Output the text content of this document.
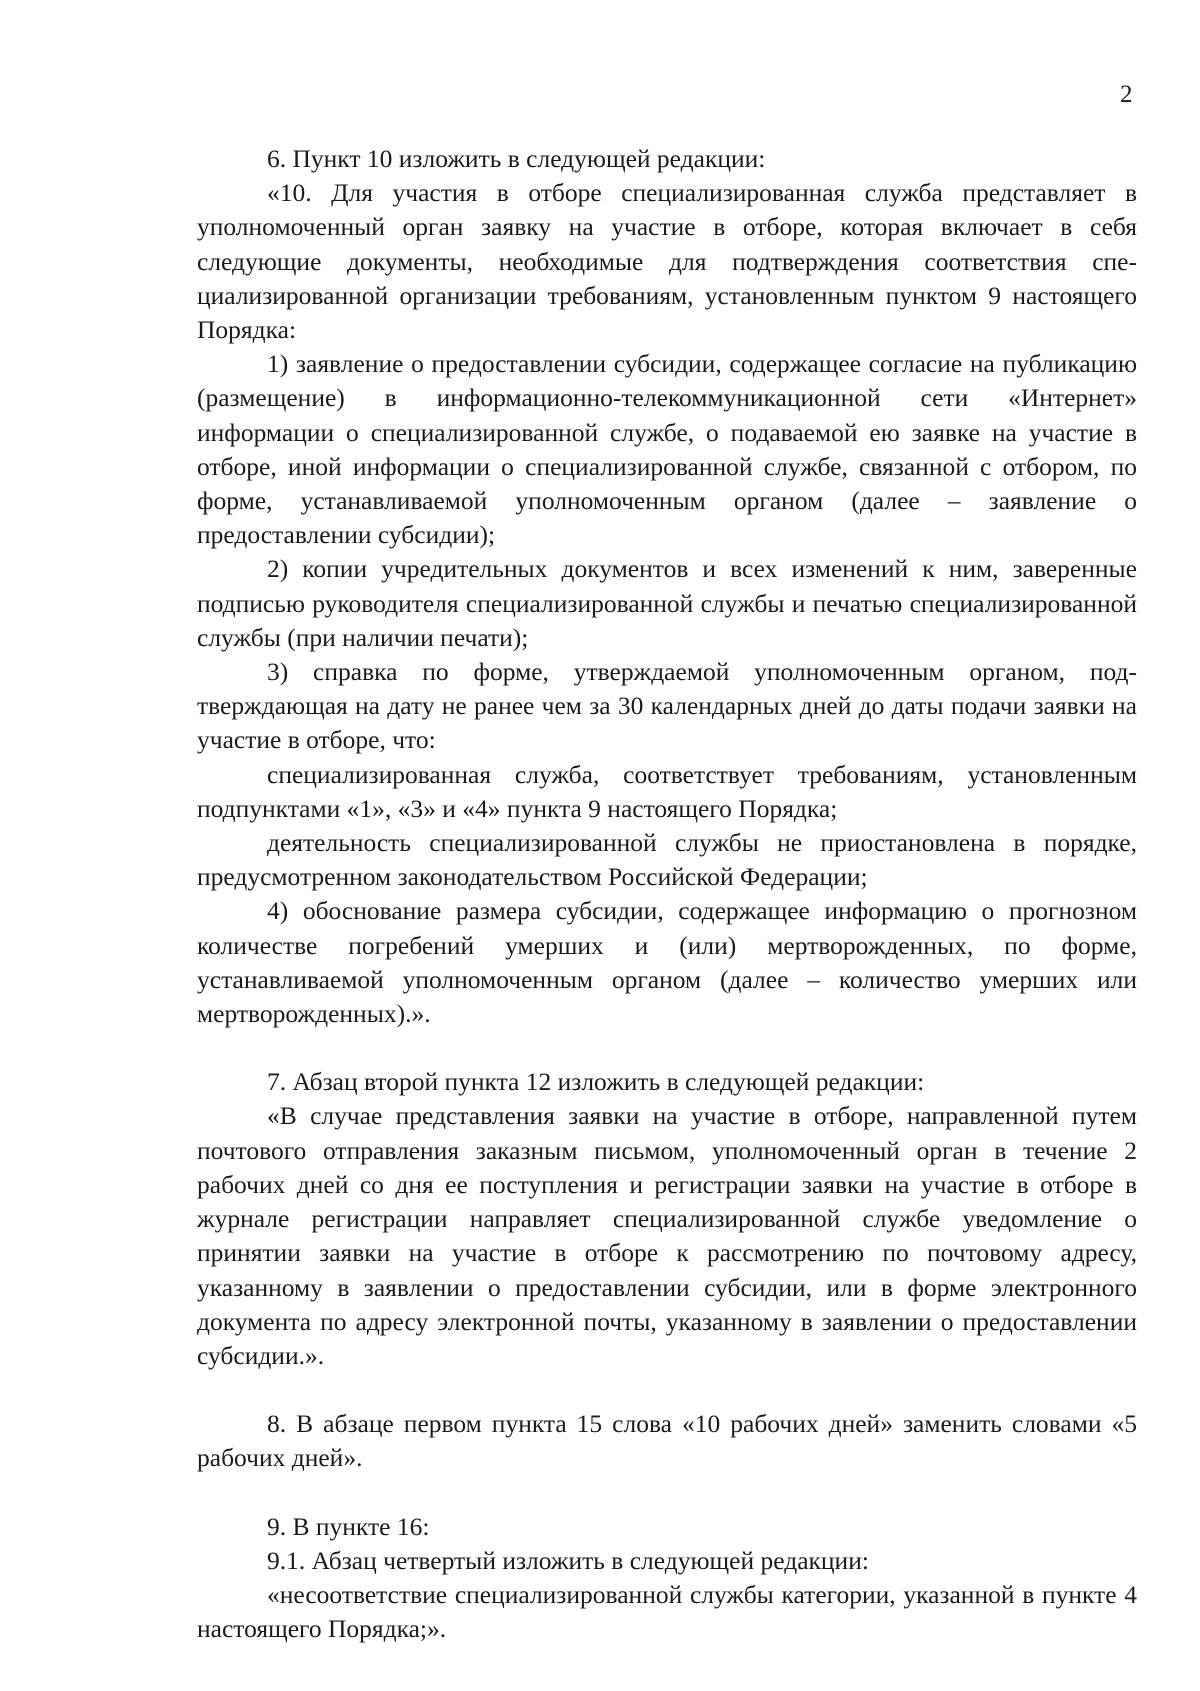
2

6. Пункт 10 изложить в следующей редакции:

«10. Для участия в отборе специализированная служба представляет в уполномоченный орган заявку на участие в отборе, которая включает в себя следующие документы, необходимые для подтверждения соответствия специализированной организации требованиям, установленным пунктом 9 настоящего Порядка:

1) заявление о предоставлении субсидии, содержащее согласие на публикацию (размещение) в информационно-телекоммуникационной сети «Интернет» информации о специализированной службе, о подаваемой ею заявке на участие в отборе, иной информации о специализированной службе, связанной с отбором, по форме, устанавливаемой уполномоченным органом (далее – заявление о предоставлении субсидии);

2) копии учредительных документов и всех изменений к ним, заверенные подписью руководителя специализированной службы и печатью специализированной службы (при наличии печати);

3) справка по форме, утверждаемой уполномоченным органом, подтверждающая на дату не ранее чем за 30 календарных дней до даты подачи заявки на участие в отборе, что:

специализированная служба, соответствует требованиям, установленным подпунктами «1», «3» и «4» пункта 9 настоящего Порядка;

деятельность специализированной службы не приостановлена в порядке, предусмотренном законодательством Российской Федерации;

4) обоснование размера субсидии, содержащее информацию о прогнозном количестве погребений умерших и (или) мертворожденных, по форме, устанавливаемой уполномоченным органом (далее – количество умерших или мертворожденных).».

7. Абзац второй пункта 12 изложить в следующей редакции:

«В случае представления заявки на участие в отборе, направленной путем почтового отправления заказным письмом, уполномоченный орган в течение 2 рабочих дней со дня ее поступления и регистрации заявки на участие в отборе в журнале регистрации направляет специализированной службе уведомление о принятии заявки на участие в отборе к рассмотрению по почтовому адресу, указанному в заявлении о предоставлении субсидии, или в форме электронного документа по адресу электронной почты, указанному в заявлении о предоставлении субсидии.».

8. В абзаце первом пункта 15 слова «10 рабочих дней» заменить словами «5 рабочих дней».

9. В пункте 16:

9.1. Абзац четвертый изложить в следующей редакции:

«несоответствие специализированной службы категории, указанной в пункте 4 настоящего Порядка;».
